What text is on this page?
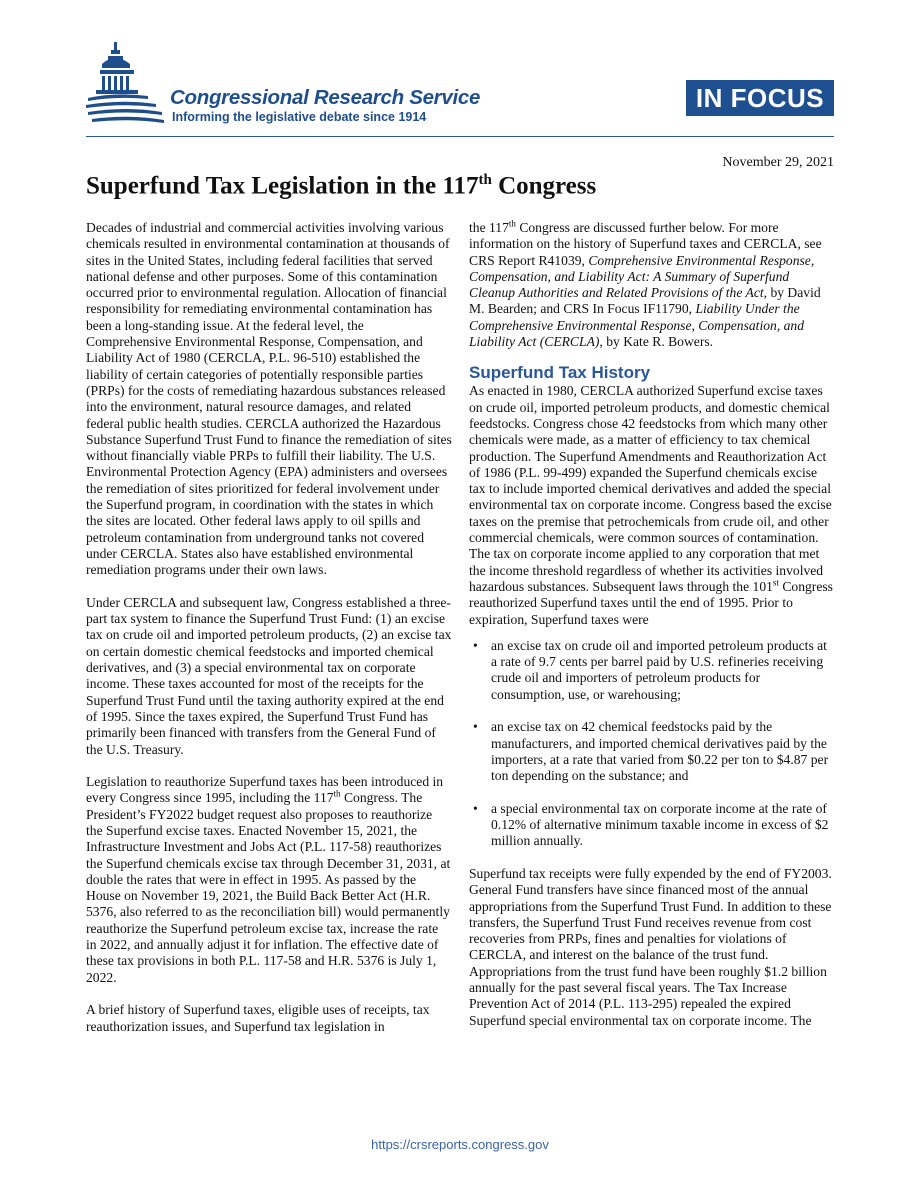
Congressional Research Service
Informing the legislative debate since 1914
IN FOCUS
November 29, 2021
Superfund Tax Legislation in the 117th Congress

Decades of industrial and commercial activities involving various chemicals resulted in environmental contamination at thousands of sites in the United States, including federal facilities that served national defense and other purposes. Some of this contamination occurred prior to environmental regulation. Allocation of financial responsibility for remediating environmental contamination has been a long-standing issue. At the federal level, the Comprehensive Environmental Response, Compensation, and Liability Act of 1980 (CERCLA, P.L. 96-510) established the liability of certain categories of potentially responsible parties (PRPs) for the costs of remediating hazardous substances released into the environment, natural resource damages, and related federal public health studies. CERCLA authorized the Hazardous Substance Superfund Trust Fund to finance the remediation of sites without financially viable PRPs to fulfill their liability. The U.S. Environmental Protection Agency (EPA) administers and oversees the remediation of sites prioritized for federal involvement under the Superfund program, in coordination with the states in which the sites are located. Other federal laws apply to oil spills and petroleum contamination from underground tanks not covered under CERCLA. States also have established environmental remediation programs under their own laws.

Under CERCLA and subsequent law, Congress established a three-part tax system to finance the Superfund Trust Fund: (1) an excise tax on crude oil and imported petroleum products, (2) an excise tax on certain domestic chemical feedstocks and imported chemical derivatives, and (3) a special environmental tax on corporate income. These taxes accounted for most of the receipts for the Superfund Trust Fund until the taxing authority expired at the end of 1995. Since the taxes expired, the Superfund Trust Fund has primarily been financed with transfers from the General Fund of the U.S. Treasury.

Legislation to reauthorize Superfund taxes has been introduced in every Congress since 1995, including the 117th Congress. The President’s FY2022 budget request also proposes to reauthorize the Superfund excise taxes. Enacted November 15, 2021, the Infrastructure Investment and Jobs Act (P.L. 117-58) reauthorizes the Superfund chemicals excise tax through December 31, 2031, at double the rates that were in effect in 1995. As passed by the House on November 19, 2021, the Build Back Better Act (H.R. 5376, also referred to as the reconciliation bill) would permanently reauthorize the Superfund petroleum excise tax, increase the rate in 2022, and annually adjust it for inflation. The effective date of these tax provisions in both P.L. 117-58 and H.R. 5376 is July 1, 2022.

A brief history of Superfund taxes, eligible uses of receipts, tax reauthorization issues, and Superfund tax legislation in

the 117th Congress are discussed further below. For more information on the history of Superfund taxes and CERCLA, see CRS Report R41039, Comprehensive Environmental Response, Compensation, and Liability Act: A Summary of Superfund Cleanup Authorities and Related Provisions of the Act, by David M. Bearden; and CRS In Focus IF11790, Liability Under the Comprehensive Environmental Response, Compensation, and Liability Act (CERCLA), by Kate R. Bowers.

Superfund Tax History

As enacted in 1980, CERCLA authorized Superfund excise taxes on crude oil, imported petroleum products, and domestic chemical feedstocks. Congress chose 42 feedstocks from which many other chemicals were made, as a matter of efficiency to tax chemical production. The Superfund Amendments and Reauthorization Act of 1986 (P.L. 99-499) expanded the Superfund chemicals excise tax to include imported chemical derivatives and added the special environmental tax on corporate income. Congress based the excise taxes on the premise that petrochemicals from crude oil, and other commercial chemicals, were common sources of contamination. The tax on corporate income applied to any corporation that met the income threshold regardless of whether its activities involved hazardous substances. Subsequent laws through the 101st Congress reauthorized Superfund taxes until the end of 1995. Prior to expiration, Superfund taxes were

• an excise tax on crude oil and imported petroleum products at a rate of 9.7 cents per barrel paid by U.S. refineries receiving crude oil and importers of petroleum products for consumption, use, or warehousing;
• an excise tax on 42 chemical feedstocks paid by the manufacturers, and imported chemical derivatives paid by the importers, at a rate that varied from $0.22 per ton to $4.87 per ton depending on the substance; and
• a special environmental tax on corporate income at the rate of 0.12% of alternative minimum taxable income in excess of $2 million annually.

Superfund tax receipts were fully expended by the end of FY2003. General Fund transfers have since financed most of the annual appropriations from the Superfund Trust Fund. In addition to these transfers, the Superfund Trust Fund receives revenue from cost recoveries from PRPs, fines and penalties for violations of CERCLA, and interest on the balance of the trust fund. Appropriations from the trust fund have been roughly $1.2 billion annually for the past several fiscal years. The Tax Increase Prevention Act of 2014 (P.L. 113-295) repealed the expired Superfund special environmental tax on corporate income. The

https://crsreports.congress.gov
